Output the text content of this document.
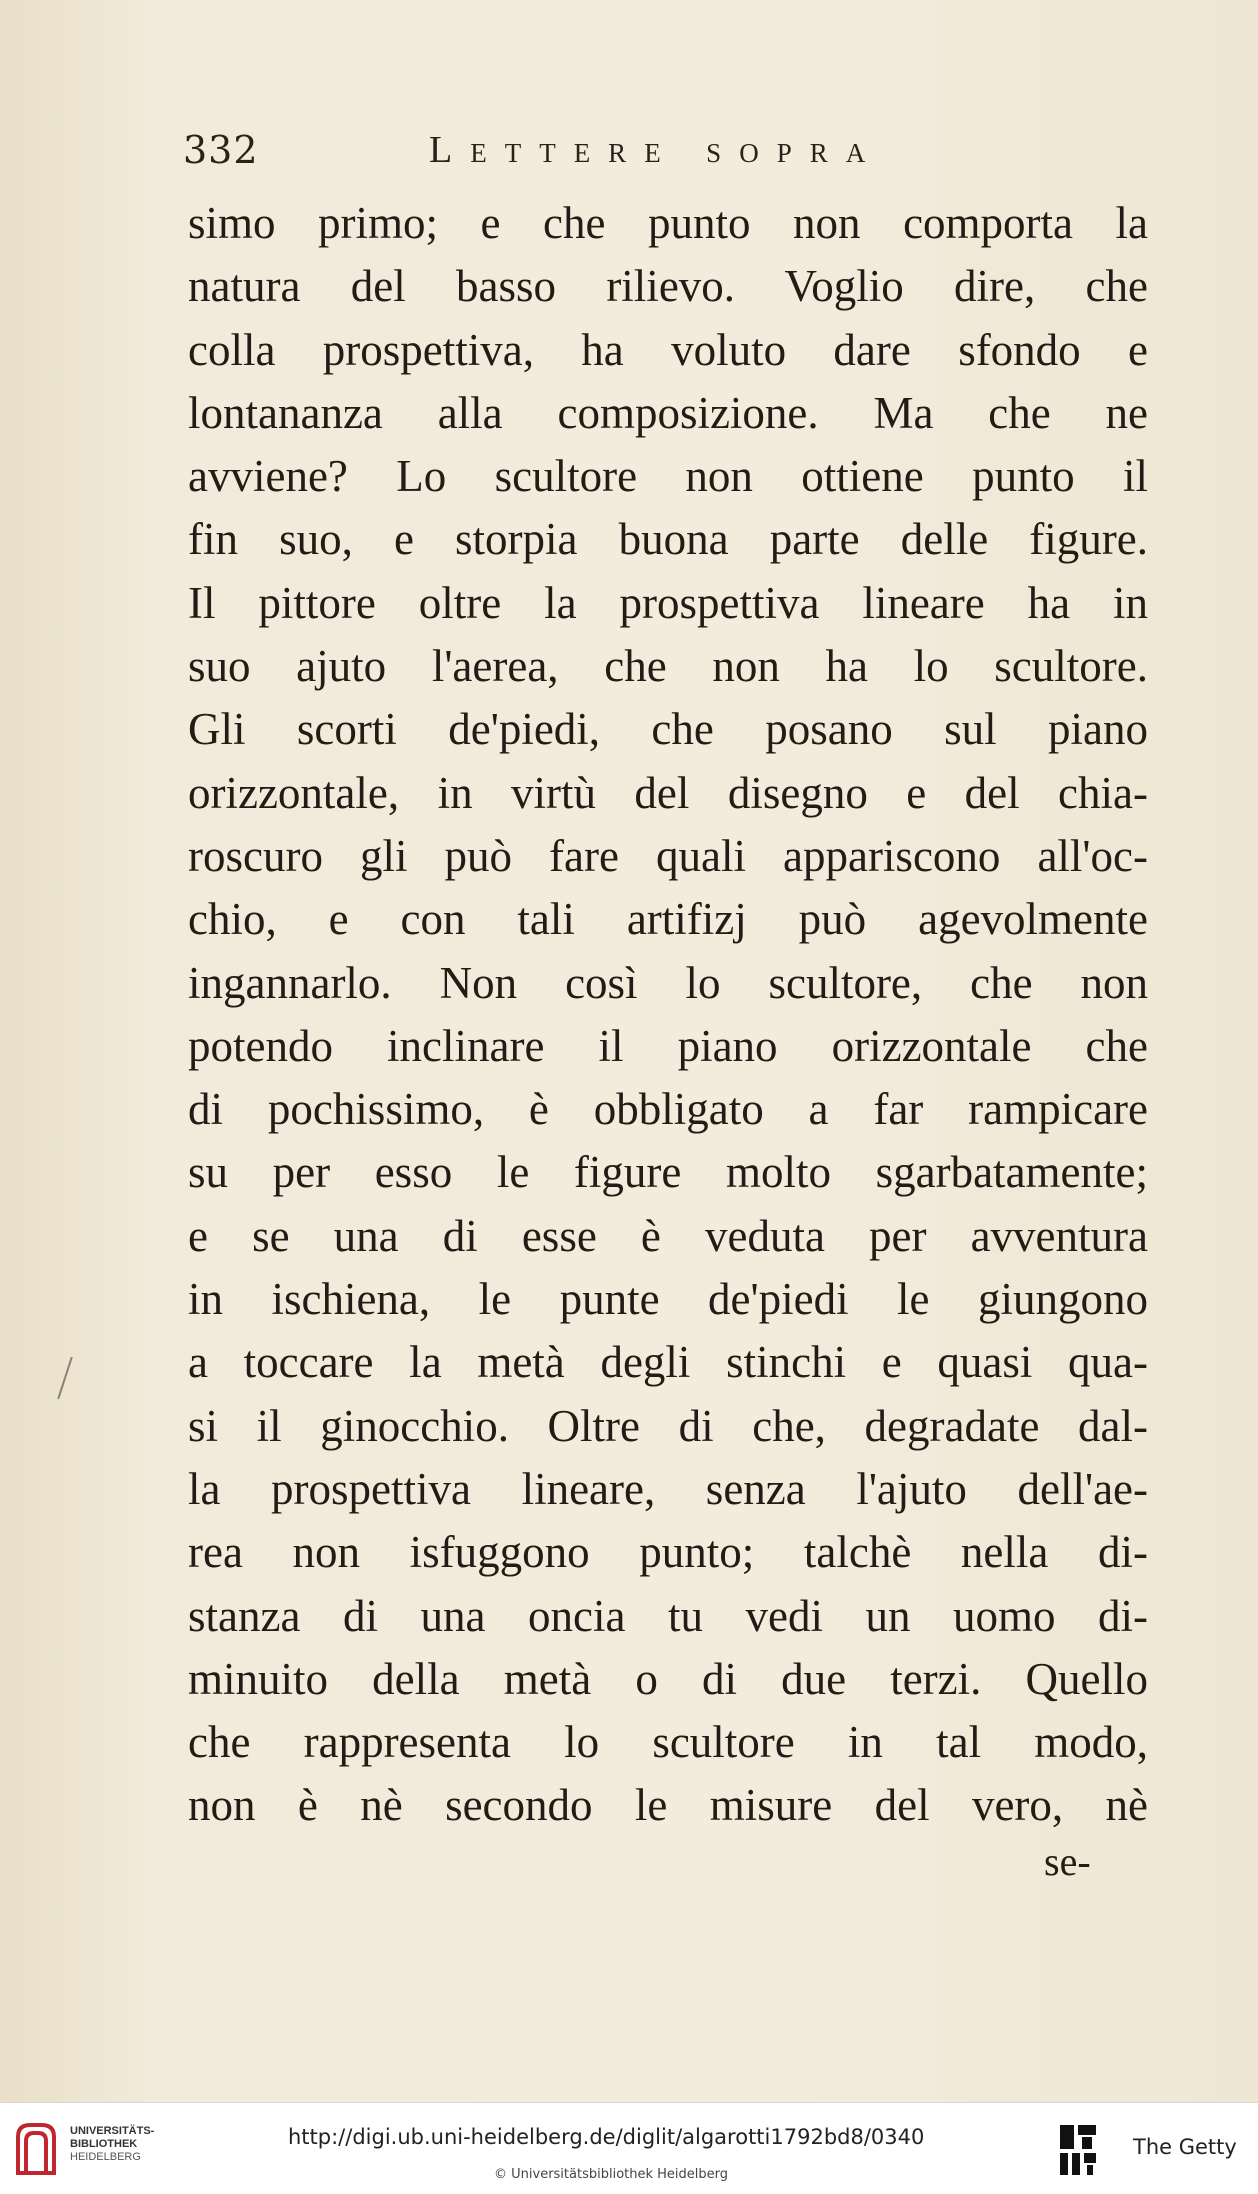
332	Lettere sopra
simo primo; e che punto non comporta la
natura del basso rilievo. Voglio dire, che
colla prospettiva, ha voluto dare sfondo e
lontananza alla composizione. Ma che ne
avviene? Lo scultore non ottiene punto il
fin suo, e storpia buona parte delle figure.
Il pittore oltre la prospettiva lineare ha in
suo ajuto l'aerea, che non ha lo scultore.
Gli scorti de'piedi, che posano sul piano
orizzontale, in virtù del disegno e del chia-
roscuro gli può fare quali appariscono all'oc-
chio, e con tali artifizj può agevolmente
ingannarlo. Non così lo scultore, che non
potendo inclinare il piano orizzontale che
di pochissimo, è obbligato a far rampicare
su per esso le figure molto sgarbatamente;
e se una di esse è veduta per avventura
in ischiena, le punte de'piedi le giungono
a toccare la metà degli stinchi e quasi qua-
si il ginocchio. Oltre di che, degradate dal-
la prospettiva lineare, senza l'ajuto dell'ae-
rea non isfuggono punto; talchè nella di-
stanza di una oncia tu vedi un uomo di-
minuito della metà o di due terzi. Quello
che rappresenta lo scultore in tal modo,
non è nè secondo le misure del vero, nè
se-
UNIVERSITÄTS-
BIBLIOTHEK
HEIDELBERG
http://digi.ub.uni-heidelberg.de/diglit/algarotti1792bd8/0340
© Universitätsbibliothek Heidelberg
The Getty
